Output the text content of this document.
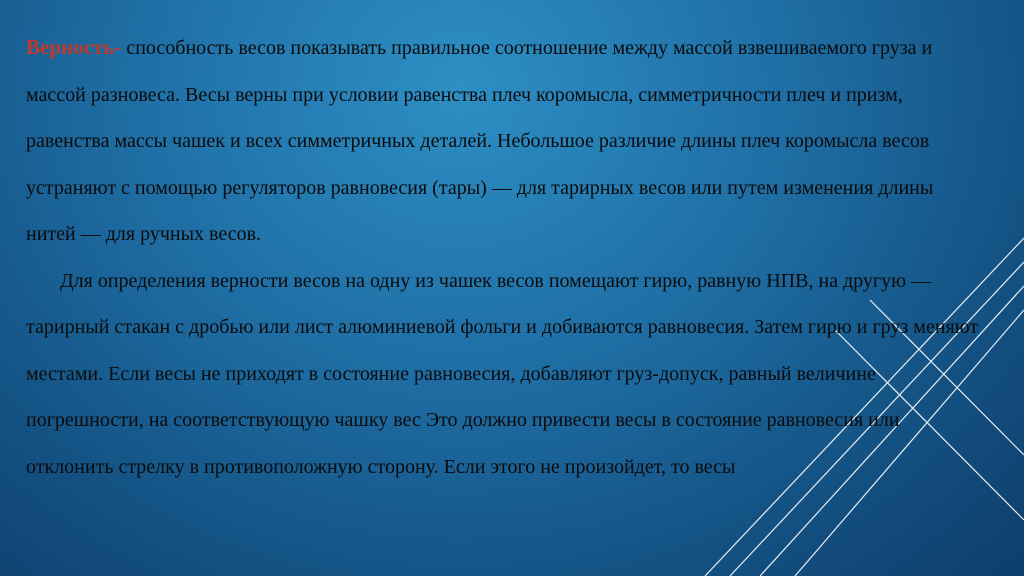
Верность- способность весов показывать правильное соотношение между массой взвешиваемого груза и массой разновеса. Весы верны при условии равенства плеч коромысла, симметричности плеч и призм, равенства массы чашек и всех симметричных деталей. Небольшое различие длины плеч коромысла весов устраняют с помощью регуляторов равновесия (тары) — для тарирных весов или путем изменения длины нитей — для ручных весов.

Для определения верности весов на одну из чашек весов помещают гирю, равную НПВ, на другую — тарирный стакан с дробью или лист алюминиевой фольги и добиваются равновесия. Затем гирю и груз меняют местами. Если весы не приходят в состояние равновесия, добавляют груз-допуск, равный величине погрешности, на соответствующую чашку вес Это должно привести весы в состояние равновесия или отклонить стрелку в противоположную сторону. Если этого не произойдет, то весы
